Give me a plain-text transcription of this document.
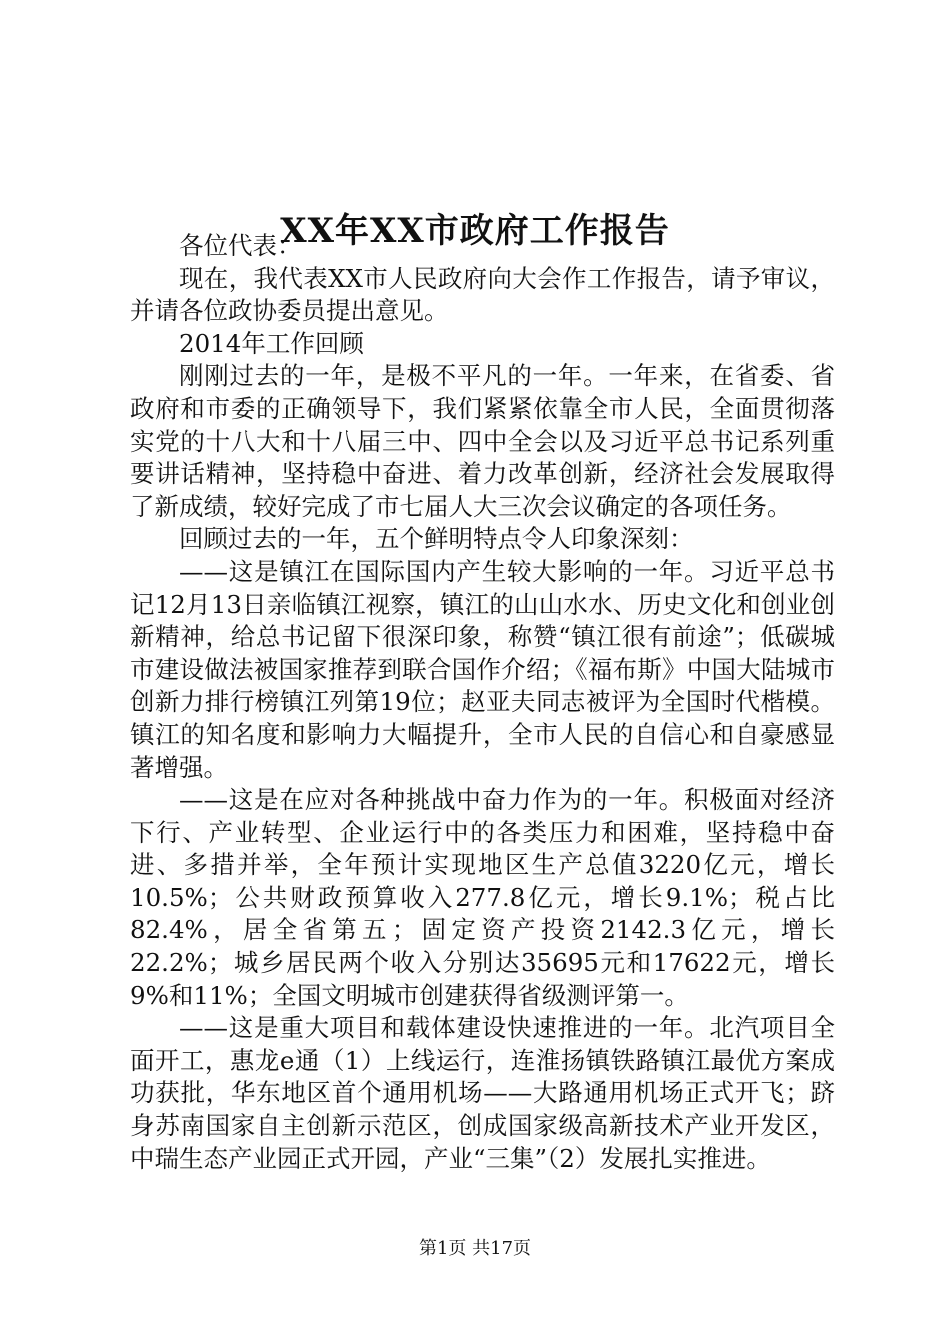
XX年XX市政府工作报告

各位代表：

现在，我代表XX市人民政府向大会作工作报告，请予审议，并请各位政协委员提出意见。

2014年工作回顾

刚刚过去的一年，是极不平凡的一年。一年来，在省委、省政府和市委的正确领导下，我们紧紧依靠全市人民，全面贯彻落实党的十八大和十八届三中、四中全会以及习近平总书记系列重要讲话精神，坚持稳中奋进、着力改革创新，经济社会发展取得了新成绩，较好完成了市七届人大三次会议确定的各项任务。

回顾过去的一年，五个鲜明特点令人印象深刻：

——这是镇江在国际国内产生较大影响的一年。习近平总书记12月13日亲临镇江视察，镇江的山山水水、历史文化和创业创新精神，给总书记留下很深印象，称赞“镇江很有前途”；低碳城市建设做法被国家推荐到联合国作介绍；《福布斯》中国大陆城市创新力排行榜镇江列第19位；赵亚夫同志被评为全国时代楷模。镇江的知名度和影响力大幅提升，全市人民的自信心和自豪感显著增强。

——这是在应对各种挑战中奋力作为的一年。积极面对经济下行、产业转型、企业运行中的各类压力和困难，坚持稳中奋进、多措并举，全年预计实现地区生产总值3220亿元，增长10.5%；公共财政预算收入277.8亿元，增长9.1%；税占比82.4%，居全省第五；固定资产投资2142.3亿元，增长22.2%；城乡居民两个收入分别达35695元和17622元，增长9%和11%；全国文明城市创建获得省级测评第一。

——这是重大项目和载体建设快速推进的一年。北汽项目全面开工，惠龙e通（1）上线运行，连淮扬镇铁路镇江最优方案成功获批，华东地区首个通用机场——大路通用机场正式开飞；跻身苏南国家自主创新示范区，创成国家级高新技术产业开发区，中瑞生态产业园正式开园，产业“三集”（2）发展扎实推进。

第1页 共17页
